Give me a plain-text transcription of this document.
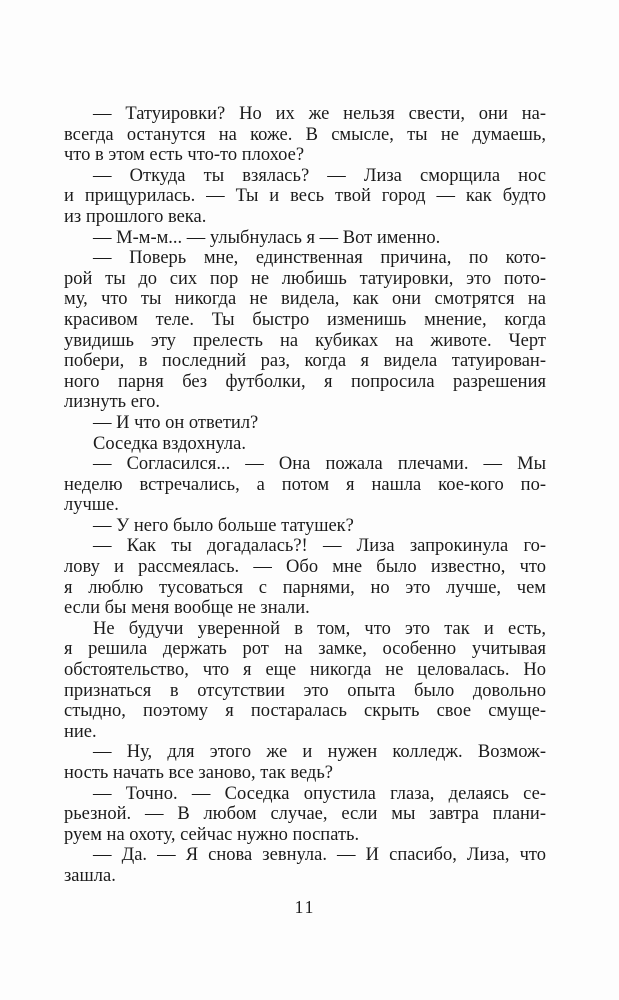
— Татуировки? Но их же нельзя свести, они на-
всегда останутся на коже. В смысле, ты не думаешь,
что в этом есть что-то плохое?
— Откуда ты взялась? — Лиза сморщила нос
и прищурилась. — Ты и весь твой город — как будто
из прошлого века.
— М-м-м... — улыбнулась я — Вот именно.
— Поверь мне, единственная причина, по кото-
рой ты до сих пор не любишь татуировки, это пото-
му, что ты никогда не видела, как они смотрятся на
красивом теле. Ты быстро изменишь мнение, когда
увидишь эту прелесть на кубиках на животе. Черт
побери, в последний раз, когда я видела татуирован-
ного парня без футболки, я попросила разрешения
лизнуть его.
— И что он ответил?
Соседка вздохнула.
— Согласился... — Она пожала плечами. — Мы
неделю встречались, а потом я нашла кое-кого по-
лучше.
— У него было больше татушек?
— Как ты догадалась?! — Лиза запрокинула го-
лову и рассмеялась. — Обо мне было известно, что
я люблю тусоваться с парнями, но это лучше, чем
если бы меня вообще не знали.
Не будучи уверенной в том, что это так и есть,
я решила держать рот на замке, особенно учитывая
обстоятельство, что я еще никогда не целовалась. Но
признаться в отсутствии это опыта было довольно
стыдно, поэтому я постаралась скрыть свое смуще-
ние.
— Ну, для этого же и нужен колледж. Возмож-
ность начать все заново, так ведь?
— Точно. — Соседка опустила глаза, делаясь се-
рьезной. — В любом случае, если мы завтра плани-
руем на охоту, сейчас нужно поспать.
— Да. — Я снова зевнула. — И спасибо, Лиза, что
зашла.
11
